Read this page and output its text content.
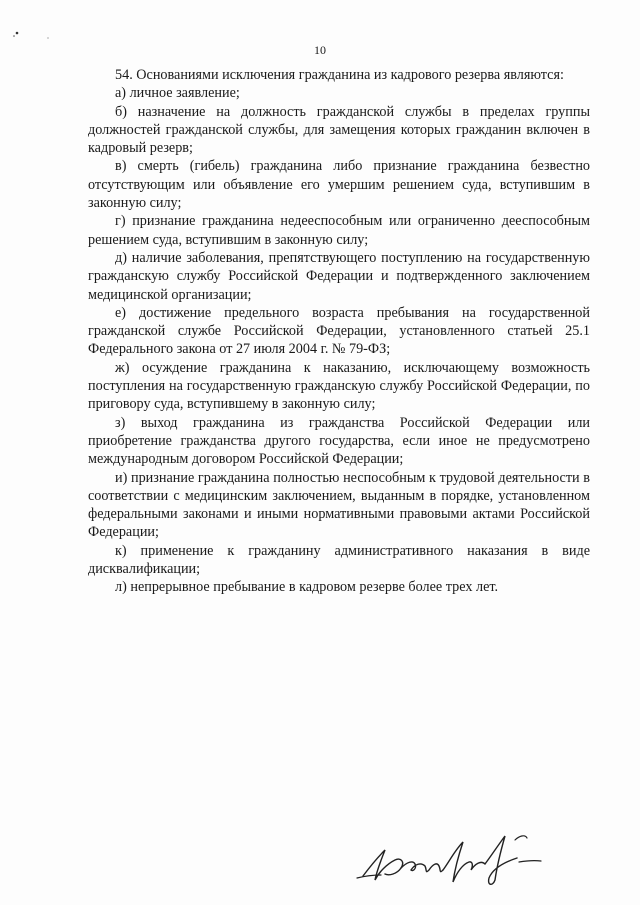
10

54. Основаниями исключения гражданина из кадрового резерва являются:

а) личное заявление;

б) назначение на должность гражданской службы в пределах группы должностей гражданской службы, для замещения которых гражданин включен в кадровый резерв;

в) смерть (гибель) гражданина либо признание гражданина безвестно отсутствующим или объявление его умершим решением суда, вступившим в законную силу;

г) признание гражданина недееспособным или ограниченно дееспособным решением суда, вступившим в законную силу;

д) наличие заболевания, препятствующего поступлению на государственную гражданскую службу Российской Федерации и подтвержденного заключением медицинской организации;

е) достижение предельного возраста пребывания на государственной гражданской службе Российской Федерации, установленного статьей 25.1 Федерального закона от 27 июля 2004 г. № 79-ФЗ;

ж) осуждение гражданина к наказанию, исключающему возможность поступления на государственную гражданскую службу Российской Федерации, по приговору суда, вступившему в законную силу;

з) выход гражданина из гражданства Российской Федерации или приобретение гражданства другого государства, если иное не предусмотрено международным договором Российской Федерации;

и) признание гражданина полностью неспособным к трудовой деятельности в соответствии с медицинским заключением, выданным в порядке, установленном федеральными законами и иными нормативными правовыми актами Российской Федерации;

к) применение к гражданину административного наказания в виде дисквалификации;

л) непрерывное пребывание в кадровом резерве более трех лет.
